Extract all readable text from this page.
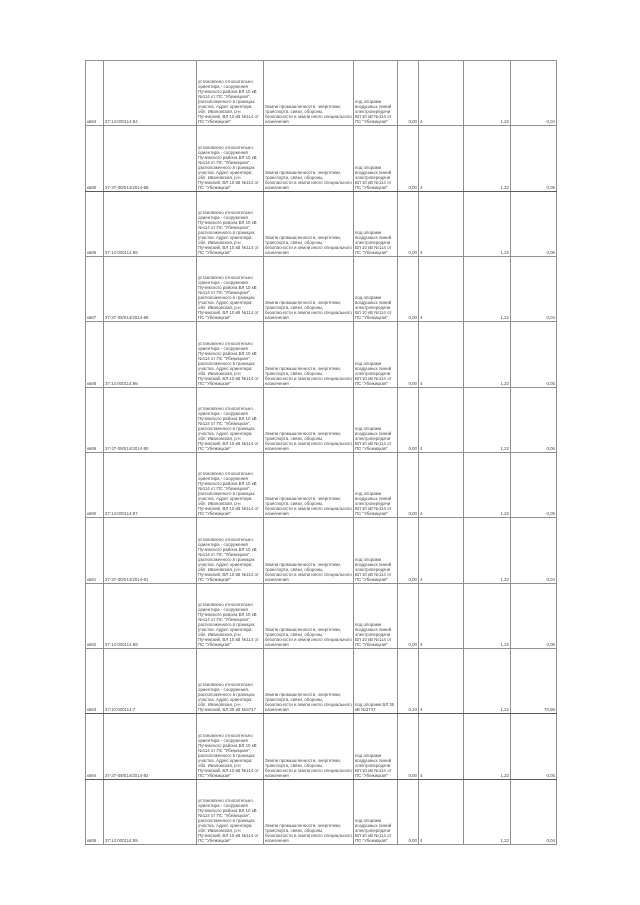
кв84	37:14:000114:84	установлено относительно ориентира - сооружения Пучежского района ВЛ 10 кВ №114 от ПС "Убежицкая", расположенного в границах участка. Адрес ориентира: обл. Ивановская, р-н Пучежский, ВЛ 10 кВ №114 от ПС "Убежицкая"	Земли промышленности, энергетики, транспорта, связи, обороны, безопасности и земли иного специального назначения	под опорами воздушных линий электропередачи ВЛ 10 кВ №114 от ПС "Убежицкая"	0,00	4	1,22	0,04
кв85	37-37-09/014/2014-88	установлено относительно ориентира - сооружения Пучежского района ВЛ 10 кВ №114 от ПС "Убежицкая", расположенного в границах участка. Адрес ориентира: обл. Ивановская, р-н Пучежский, ВЛ 10 кВ №114 от ПС "Убежицкая"	Земли промышленности, энергетики, транспорта, связи, обороны, безопасности и земли иного специального назначения	под опорами воздушных линий электропередачи ВЛ 10 кВ №114 от ПС "Убежицкая"	0,00	4	1,22	0,05
кв86	37:14:000114:85	установлено относительно ориентира - сооружения Пучежского района ВЛ 10 кВ №114 от ПС "Убежицкая", расположенного в границах участка. Адрес ориентира: обл. Ивановская, р-н Пучежский, ВЛ 10 кВ №114 от ПС "Убежицкая"	Земли промышленности, энергетики, транспорта, связи, обороны, безопасности и земли иного специального назначения	под опорами воздушных линий электропередачи ВЛ 10 кВ №114 от ПС "Убежицкая"	0,00	4	1,22	0,06
кв87	37-37-09/014/2014-89	установлено относительно ориентира - сооружения Пучежского района ВЛ 10 кВ №114 от ПС "Убежицкая", расположенного в границах участка. Адрес ориентира: обл. Ивановская, р-н Пучежский, ВЛ 10 кВ №114 от ПС "Убежицкая"	Земли промышленности, энергетики, транспорта, связи, обороны, безопасности и земли иного специального назначения	под опорами воздушных линий электропередачи ВЛ 10 кВ №114 от ПС "Убежицкая"	0,00	4	1,22	0,04
кв88	37:14:000114:86	установлено относительно ориентира - сооружения Пучежского района ВЛ 10 кВ №114 от ПС "Убежицкая", расположенного в границах участка. Адрес ориентира: обл. Ивановская, р-н Пучежский, ВЛ 10 кВ №114 от ПС "Убежицкая"	Земли промышленности, энергетики, транспорта, связи, обороны, безопасности и земли иного специального назначения	под опорами воздушных линий электропередачи ВЛ 10 кВ №114 от ПС "Убежицкая"	0,00	4	1,22	0,05
кв89	37-37-09/014/2014-90	установлено относительно ориентира - сооружения Пучежского района ВЛ 10 кВ №114 от ПС "Убежицкая", расположенного в границах участка. Адрес ориентира: обл. Ивановская, р-н Пучежский, ВЛ 10 кВ №114 от ПС "Убежицкая"	Земли промышленности, энергетики, транспорта, связи, обороны, безопасности и земли иного специального назначения	под опорами воздушных линий электропередачи ВЛ 10 кВ №114 от ПС "Убежицкая"	0,00	4	1,22	0,06
кв90	37:14:000114:87	установлено относительно ориентира - сооружения Пучежского района ВЛ 10 кВ №114 от ПС "Убежицкая", расположенного в границах участка. Адрес ориентира: обл. Ивановская, р-н Пучежский, ВЛ 10 кВ №114 от ПС "Убежицкая"	Земли промышленности, энергетики, транспорта, связи, обороны, безопасности и земли иного специального назначения	под опорами воздушных линий электропередачи ВЛ 10 кВ №114 от ПС "Убежицкая"	0,00	4	1,22	0,05
кв91	37-37-09/014/2014-91	установлено относительно ориентира - сооружения Пучежского района ВЛ 10 кВ №114 от ПС "Убежицкая", расположенного в границах участка. Адрес ориентира: обл. Ивановская, р-н Пучежский, ВЛ 10 кВ №114 от ПС "Убежицкая"	Земли промышленности, энергетики, транспорта, связи, обороны, безопасности и земли иного специального назначения	под опорами воздушных линий электропередачи ВЛ 10 кВ №114 от ПС "Убежицкая"	0,00	4	1,22	0,04
кв92	37:14:000114:88	установлено относительно ориентира - сооружения Пучежского района ВЛ 10 кВ №114 от ПС "Убежицкая", расположенного в границах участка. Адрес ориентира: обл. Ивановская, р-н Пучежский, ВЛ 10 кВ №114 от ПС "Убежицкая"	Земли промышленности, энергетики, транспорта, связи, обороны, безопасности и земли иного специального назначения	под опорами воздушных линий электропередачи ВЛ 10 кВ №114 от ПС "Убежицкая"	0,00	4	1,22	0,05
кв93	37:10:000114:7	установлено относительно ориентира - сооружения, расположенного в границах участка. Адрес ориентира: обл. Ивановская, р-н Пучежский, ВЛ 35 кВ №3747	Земли промышленности, энергетики, транспорта, связи, обороны, безопасности и земли иного специального назначения	под опорами ВЛ 35 кВ №3747	0,10	4	1,22	70,96
кв94	37-37-09/014/2014-92	установлено относительно ориентира - сооружения Пучежского района ВЛ 10 кВ №114 от ПС "Убежицкая", расположенного в границах участка. Адрес ориентира: обл. Ивановская, р-н Пучежский, ВЛ 10 кВ №114 от ПС "Убежицкая"	Земли промышленности, энергетики, транспорта, связи, обороны, безопасности и земли иного специального назначения	под опорами воздушных линий электропередачи ВЛ 10 кВ №114 от ПС "Убежицкая"	0,00	4	1,22	0,05
кв95	37:14:000114:89	установлено относительно ориентира - сооружения Пучежского района ВЛ 10 кВ №114 от ПС "Убежицкая", расположенного в границах участка. Адрес ориентира: обл. Ивановская, р-н Пучежский, ВЛ 10 кВ №114 от ПС "Убежицкая"	Земли промышленности, энергетики, транспорта, связи, обороны, безопасности и земли иного специального назначения	под опорами воздушных линий электропередачи ВЛ 10 кВ №114 от ПС "Убежицкая"	0,00	4	1,22	0,04
